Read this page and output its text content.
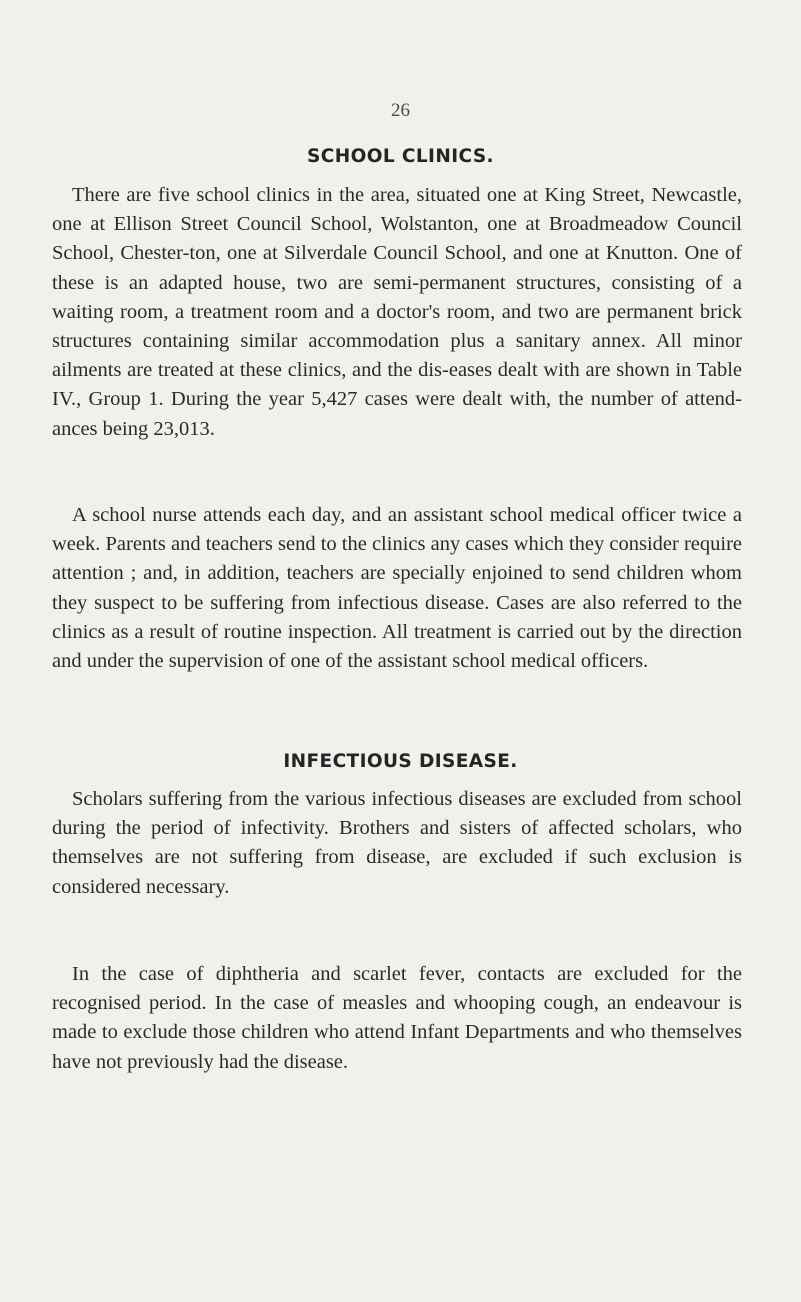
26
SCHOOL CLINICS.

There are five school clinics in the area, situated one at King Street, Newcastle, one at Ellison Street Council School, Wolstanton, one at Broadmeadow Council School, Chester-ton, one at Silverdale Council School, and one at Knutton. One of these is an adapted house, two are semi-permanent structures, consisting of a waiting room, a treatment room and a doctor's room, and two are permanent brick structures containing similar accommodation plus a sanitary annex. All minor ailments are treated at these clinics, and the dis-eases dealt with are shown in Table IV., Group 1. During the year 5,427 cases were dealt with, the number of attend-ances being 23,013.

A school nurse attends each day, and an assistant school medical officer twice a week. Parents and teachers send to the clinics any cases which they consider require attention ; and, in addition, teachers are specially enjoined to send children whom they suspect to be suffering from infectious disease. Cases are also referred to the clinics as a result of routine inspection. All treatment is carried out by the direction and under the supervision of one of the assistant school medical officers.

INFECTIOUS DISEASE.

Scholars suffering from the various infectious diseases are excluded from school during the period of infectivity. Brothers and sisters of affected scholars, who themselves are not suffering from disease, are excluded if such exclusion is considered necessary.

In the case of diphtheria and scarlet fever, contacts are excluded for the recognised period. In the case of measles and whooping cough, an endeavour is made to exclude those children who attend Infant Departments and who themselves have not previously had the disease.
